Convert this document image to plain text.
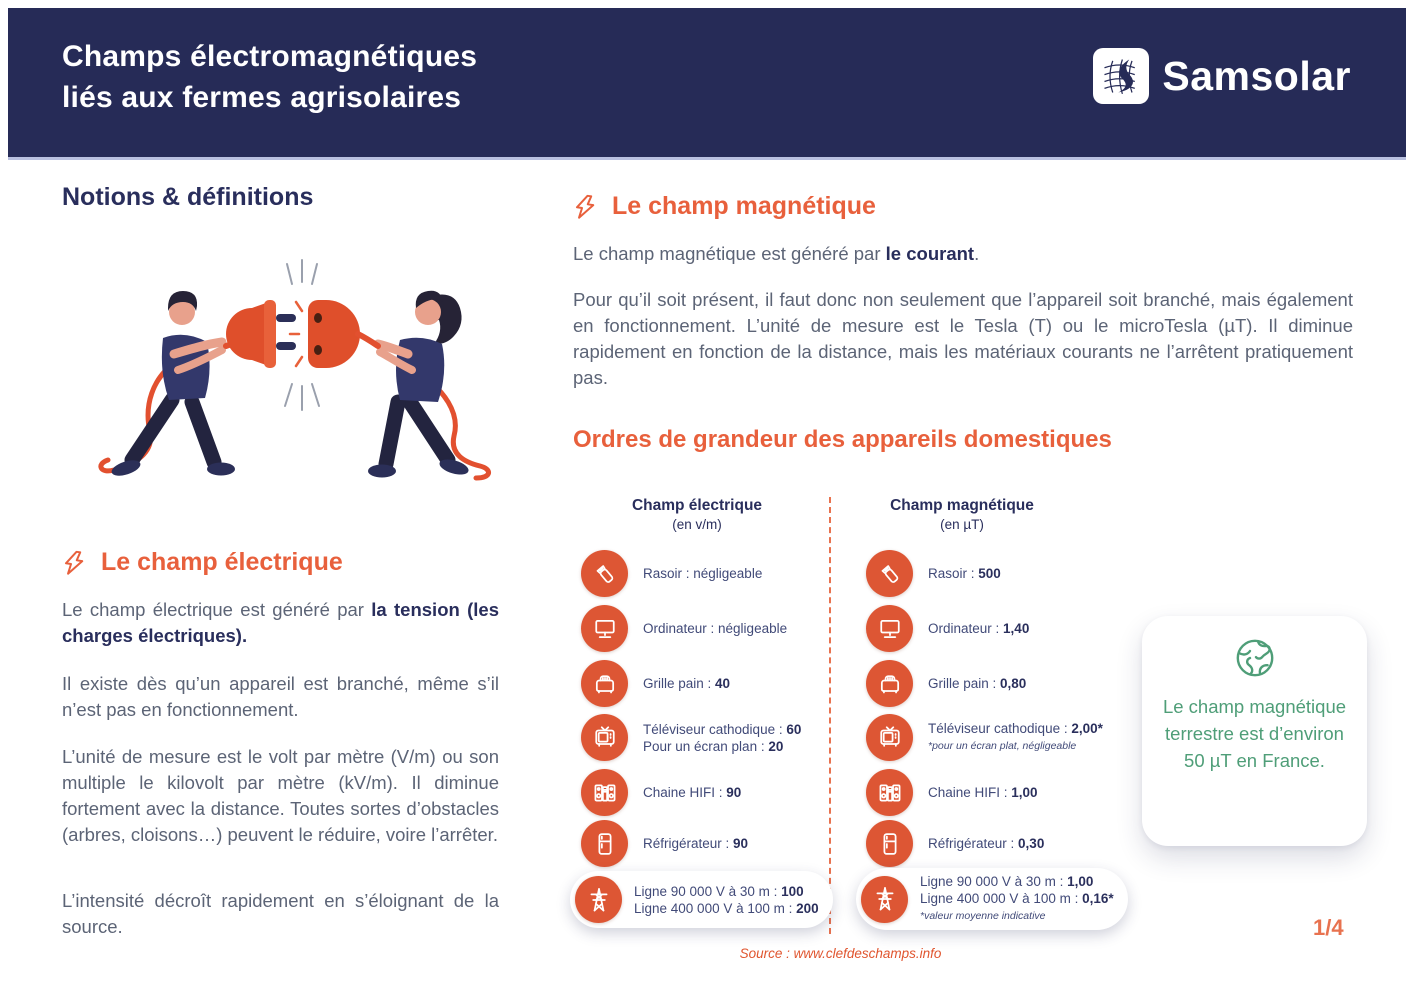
Champs électromagnétiques
liés aux fermes agrisolaires	Samsolar
Notions & définitions
Le champ électrique
Le champ électrique est généré par la tension (les charges électriques).
Il existe dès qu’un appareil est branché, même s’il n’est pas en fonctionnement.
L’unité de mesure est le volt par mètre (V/m) ou son multiple le kilovolt par mètre (kV/m). Il diminue fortement avec la distance. Toutes sortes d’obstacles (arbres, cloisons…) peuvent le réduire, voire l’arrêter.
L’intensité décroît rapidement en s’éloignant de la source.
Le champ magnétique
Le champ magnétique est généré par le courant.
Pour qu’il soit présent, il faut donc non seulement que l’appareil soit branché, mais également en fonctionnement. L’unité de mesure est le Tesla (T) ou le microTesla (µT). Il diminue rapidement en fonction de la distance, mais les matériaux courants ne l’arrêtent pratiquement pas.
Ordres de grandeur des appareils domestiques
Champ électrique
(en v/m)
Champ magnétique
(en µT)
Rasoir : négligeable
Ordinateur : négligeable
Grille pain : 40
Téléviseur cathodique : 60
Pour un écran plan : 20
Chaine HIFI : 90
Réfrigérateur : 90
Ligne 90 000 V à 30 m : 100
Ligne 400 000 V à 100 m : 200
Rasoir : 500
Ordinateur : 1,40
Grille pain : 0,80
Téléviseur cathodique : 2,00*
*pour un écran plat, négligeable
Chaine HIFI : 1,00
Réfrigérateur : 0,30
Ligne 90 000 V à 30 m : 1,00
Ligne 400 000 V à 100 m : 0,16*
*valeur moyenne indicative
Le champ magnétique
terrestre est d’environ
50 µT en France.
Source : www.clefdeschamps.info
1/4
